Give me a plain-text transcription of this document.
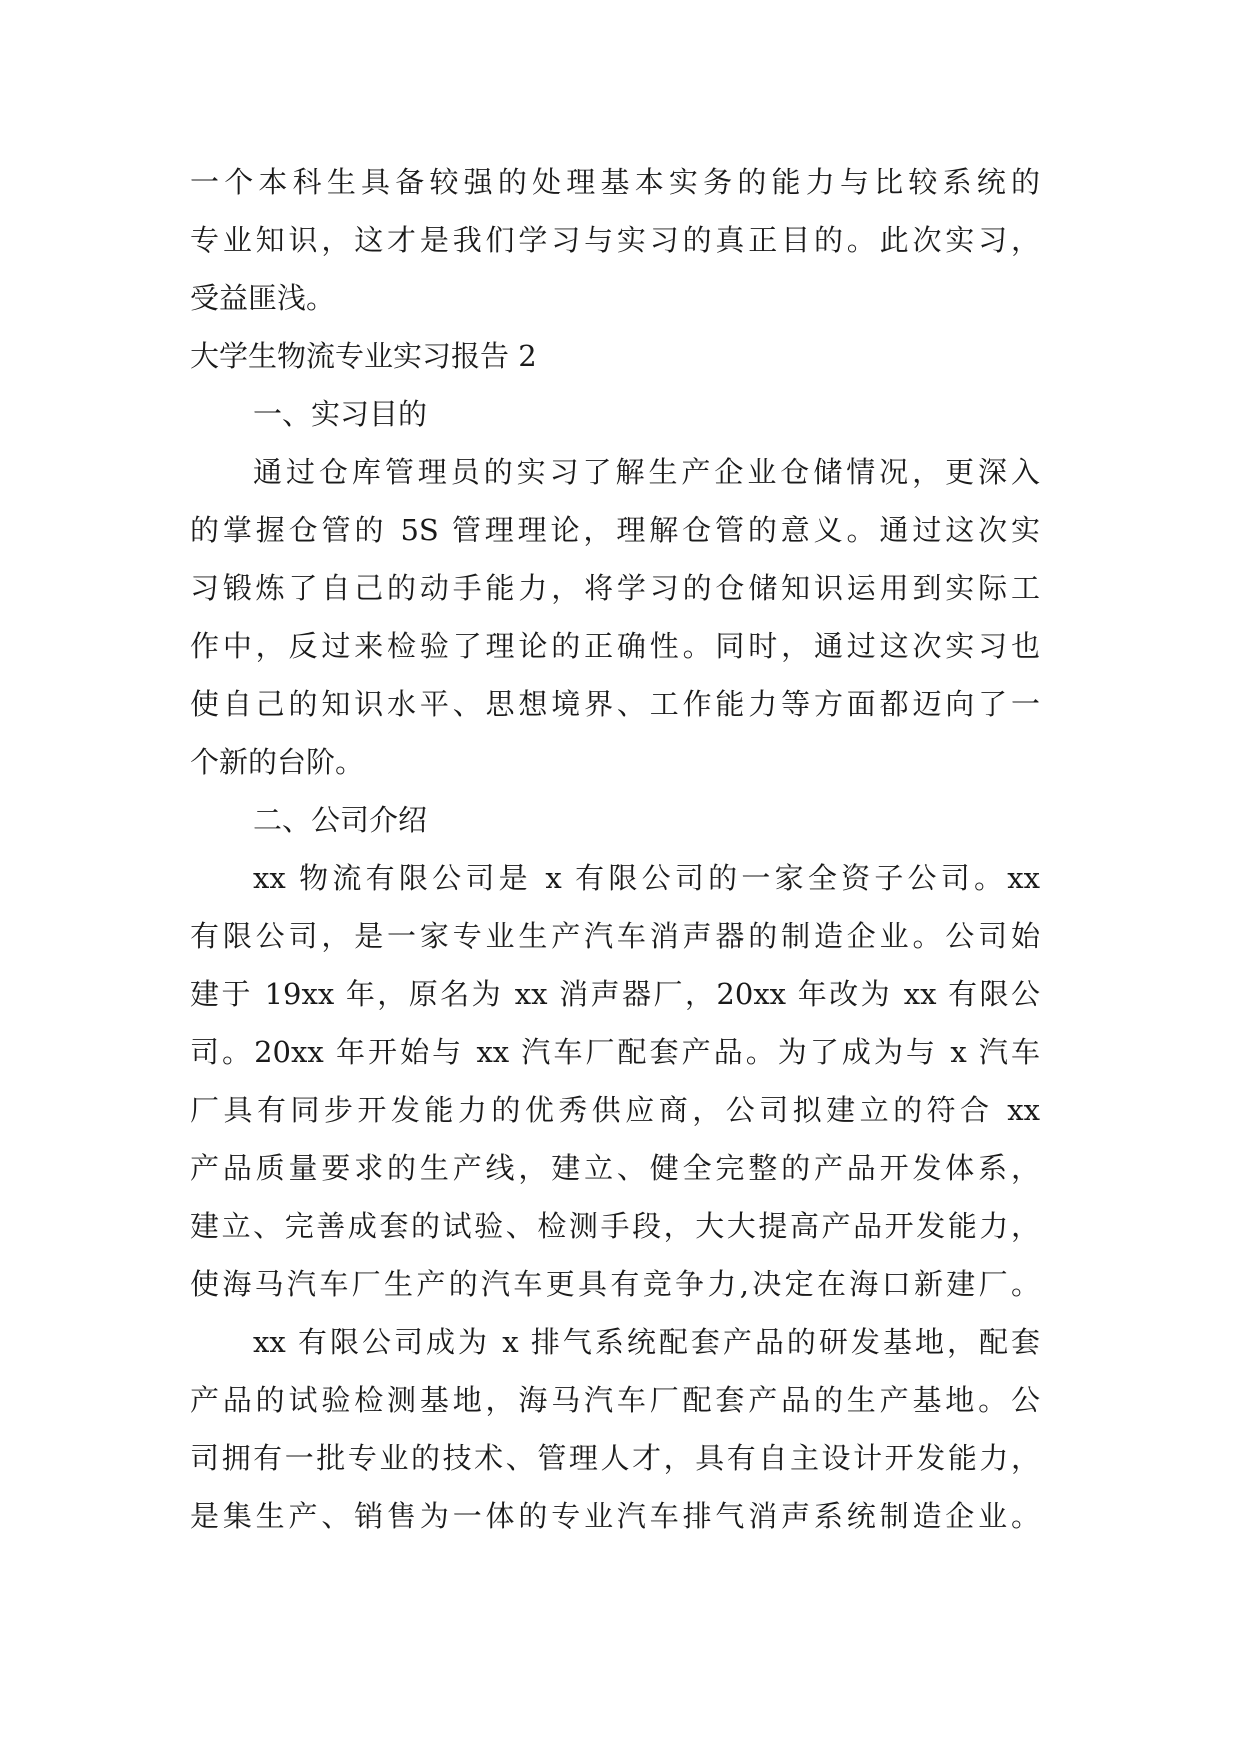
一个本科生具备较强的处理基本实务的能力与比较系统的

专业知识，这才是我们学习与实习的真正目的。此次实习，

受益匪浅。

大学生物流专业实习报告 2

一、实习目的

通过仓库管理员的实习了解生产企业仓储情况，更深入

的掌握仓管的 5S 管理理论，理解仓管的意义。通过这次实

习锻炼了自己的动手能力，将学习的仓储知识运用到实际工

作中，反过来检验了理论的正确性。同时，通过这次实习也

使自己的知识水平、思想境界、工作能力等方面都迈向了一

个新的台阶。

二、公司介绍

xx 物流有限公司是 x 有限公司的一家全资子公司。xx

有限公司，是一家专业生产汽车消声器的制造企业。公司始

建于 19xx 年，原名为 xx 消声器厂，20xx 年改为 xx 有限公

司。20xx 年开始与 xx 汽车厂配套产品。为了成为与 x 汽车

厂具有同步开发能力的优秀供应商，公司拟建立的符合 xx

产品质量要求的生产线，建立、健全完整的产品开发体系，

建立、完善成套的试验、检测手段，大大提高产品开发能力，

使海马汽车厂生产的汽车更具有竞争力,决定在海口新建厂。

xx 有限公司成为 x 排气系统配套产品的研发基地，配套

产品的试验检测基地，海马汽车厂配套产品的生产基地。公

司拥有一批专业的技术、管理人才，具有自主设计开发能力，

是集生产、销售为一体的专业汽车排气消声系统制造企业。
